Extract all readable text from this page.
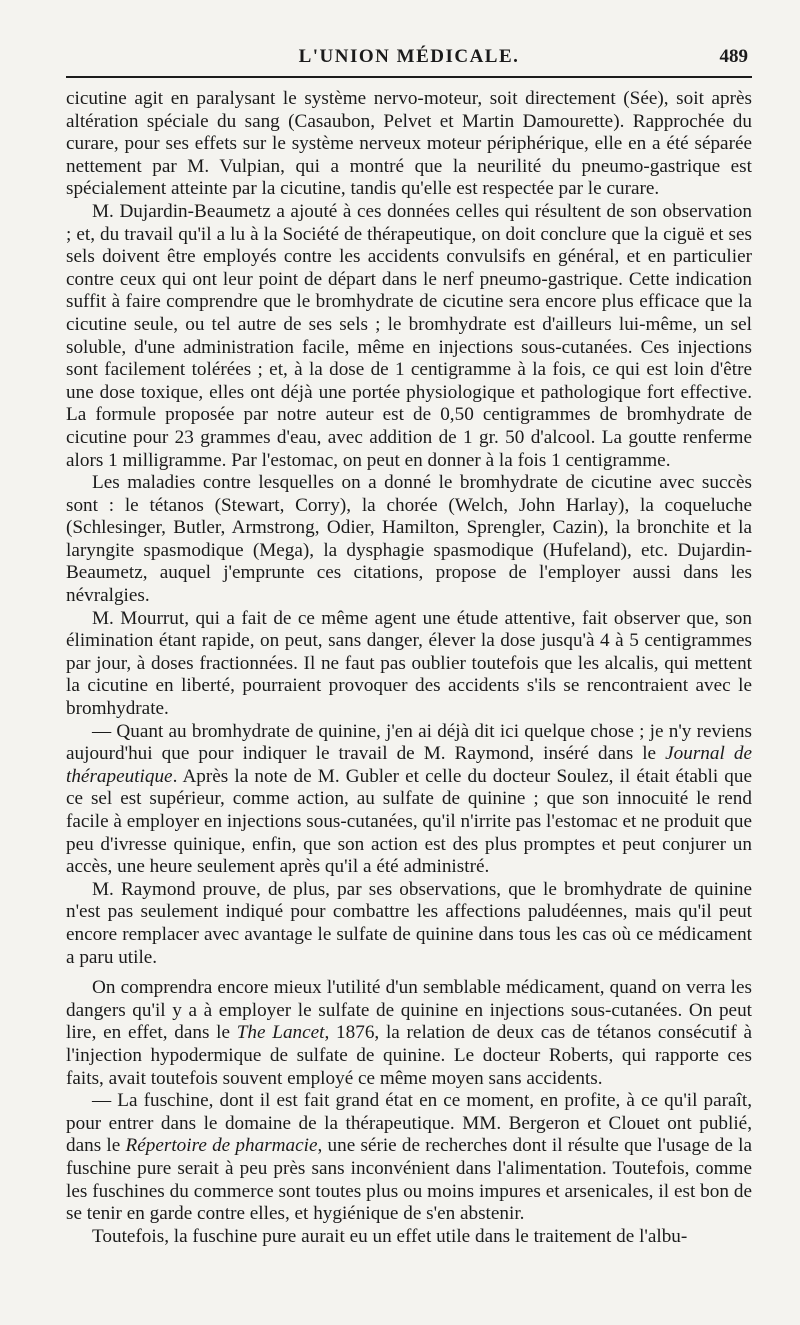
L'UNION MÉDICALE.	489

cicutine agit en paralysant le système nervo-moteur, soit directement (Sée), soit après altération spéciale du sang (Casaubon, Pelvet et Martin Damourette). Rapprochée du curare, pour ses effets sur le système nerveux moteur périphérique, elle en a été séparée nettement par M. Vulpian, qui a montré que la neurilité du pneumo-gastrique est spécialement atteinte par la cicutine, tandis qu'elle est respectée par le curare.

M. Dujardin-Beaumetz a ajouté à ces données celles qui résultent de son observation ; et, du travail qu'il a lu à la Société de thérapeutique, on doit conclure que la ciguë et ses sels doivent être employés contre les accidents convulsifs en général, et en particulier contre ceux qui ont leur point de départ dans le nerf pneumo-gastrique. Cette indication suffit à faire comprendre que le bromhydrate de cicutine sera encore plus efficace que la cicutine seule, ou tel autre de ses sels ; le bromhydrate est d'ailleurs lui-même, un sel soluble, d'une administration facile, même en injections sous-cutanées. Ces injections sont facilement tolérées ; et, à la dose de 1 centigramme à la fois, ce qui est loin d'être une dose toxique, elles ont déjà une portée physiologique et pathologique fort effective. La formule proposée par notre auteur est de 0,50 centigrammes de bromhydrate de cicutine pour 23 grammes d'eau, avec addition de 1 gr. 50 d'alcool. La goutte renferme alors 1 milligramme. Par l'estomac, on peut en donner à la fois 1 centigramme.

Les maladies contre lesquelles on a donné le bromhydrate de cicutine avec succès sont : le tétanos (Stewart, Corry), la chorée (Welch, John Harlay), la coqueluche (Schlesinger, Butler, Armstrong, Odier, Hamilton, Sprengler, Cazin), la bronchite et la laryngite spasmodique (Mega), la dysphagie spasmodique (Hufeland), etc. Dujardin-Beaumetz, auquel j'emprunte ces citations, propose de l'employer aussi dans les névralgies.

M. Mourrut, qui a fait de ce même agent une étude attentive, fait observer que, son élimination étant rapide, on peut, sans danger, élever la dose jusqu'à 4 à 5 centigrammes par jour, à doses fractionnées. Il ne faut pas oublier toutefois que les alcalis, qui mettent la cicutine en liberté, pourraient provoquer des accidents s'ils se rencontraient avec le bromhydrate.

— Quant au bromhydrate de quinine, j'en ai déjà dit ici quelque chose ; je n'y reviens aujourd'hui que pour indiquer le travail de M. Raymond, inséré dans le Journal de thérapeutique. Après la note de M. Gubler et celle du docteur Soulez, il était établi que ce sel est supérieur, comme action, au sulfate de quinine ; que son innocuité le rend facile à employer en injections sous-cutanées, qu'il n'irrite pas l'estomac et ne produit que peu d'ivresse quinique, enfin, que son action est des plus promptes et peut conjurer un accès, une heure seulement après qu'il a été administré.

M. Raymond prouve, de plus, par ses observations, que le bromhydrate de quinine n'est pas seulement indiqué pour combattre les affections paludéennes, mais qu'il peut encore remplacer avec avantage le sulfate de quinine dans tous les cas où ce médicament a paru utile.

On comprendra encore mieux l'utilité d'un semblable médicament, quand on verra les dangers qu'il y a à employer le sulfate de quinine en injections sous-cutanées. On peut lire, en effet, dans le The Lancet, 1876, la relation de deux cas de tétanos consécutif à l'injection hypodermique de sulfate de quinine. Le docteur Roberts, qui rapporte ces faits, avait toutefois souvent employé ce même moyen sans accidents.

— La fuschine, dont il est fait grand état en ce moment, en profite, à ce qu'il paraît, pour entrer dans le domaine de la thérapeutique. MM. Bergeron et Clouet ont publié, dans le Répertoire de pharmacie, une série de recherches dont il résulte que l'usage de la fuschine pure serait à peu près sans inconvénient dans l'alimentation. Toutefois, comme les fuschines du commerce sont toutes plus ou moins impures et arsenicales, il est bon de se tenir en garde contre elles, et hygiénique de s'en abstenir.

Toutefois, la fuschine pure aurait eu un effet utile dans le traitement de l'albu-
